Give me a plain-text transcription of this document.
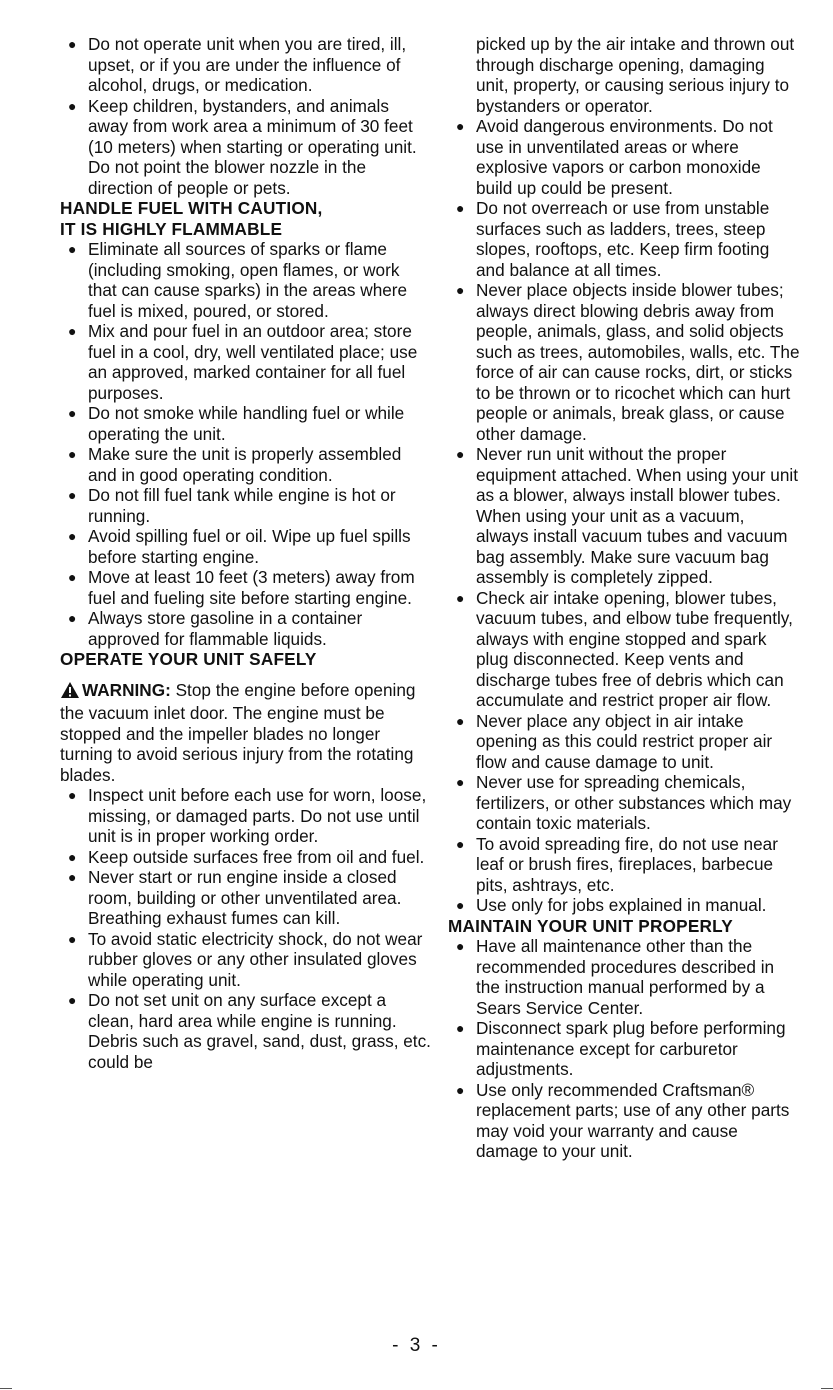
● Do not operate unit when you are tired, ill, upset, or if you are under the influence of alcohol, drugs, or medication.
● Keep children, bystanders, and animals away from work area a minimum of 30 feet (10 meters) when starting or operating unit. Do not point the blower nozzle in the direction of people or pets.
HANDLE FUEL WITH CAUTION,
IT IS HIGHLY FLAMMABLE
● Eliminate all sources of sparks or flame (including smoking, open flames, or work that can cause sparks) in the areas where fuel is mixed, poured, or stored.
● Mix and pour fuel in an outdoor area; store fuel in a cool, dry, well ventilated place; use an approved, marked container for all fuel purposes.
● Do not smoke while handling fuel or while operating the unit.
● Make sure the unit is properly assembled and in good operating condition.
● Do not fill fuel tank while engine is hot or running.
● Avoid spilling fuel or oil. Wipe up fuel spills before starting engine.
● Move at least 10 feet (3 meters) away from fuel and fueling site before starting engine.
● Always store gasoline in a container approved for flammable liquids.
OPERATE YOUR UNIT SAFELY
WARNING: Stop the engine before opening the vacuum inlet door. The engine must be stopped and the impeller blades no longer turning to avoid serious injury from the rotating blades.
● Inspect unit before each use for worn, loose, missing, or damaged parts. Do not use until unit is in proper working order.
● Keep outside surfaces free from oil and fuel.
● Never start or run engine inside a closed room, building or other unventilated area. Breathing exhaust fumes can kill.
● To avoid static electricity shock, do not wear rubber gloves or any other insulated gloves while operating unit.
● Do not set unit on any surface except a clean, hard area while engine is running. Debris such as gravel, sand, dust, grass, etc. could be
picked up by the air intake and thrown out through discharge opening, damaging unit, property, or causing serious injury to bystanders or operator.
● Avoid dangerous environments. Do not use in unventilated areas or where explosive vapors or carbon monoxide build up could be present.
● Do not overreach or use from unstable surfaces such as ladders, trees, steep slopes, rooftops, etc. Keep firm footing and balance at all times.
● Never place objects inside blower tubes; always direct blowing debris away from people, animals, glass, and solid objects such as trees, automobiles, walls, etc. The force of air can cause rocks, dirt, or sticks to be thrown or to ricochet which can hurt people or animals, break glass, or cause other damage.
● Never run unit without the proper equipment attached. When using your unit as a blower, always install blower tubes. When using your unit as a vacuum, always install vacuum tubes and vacuum bag assembly. Make sure vacuum bag assembly is completely zipped.
● Check air intake opening, blower tubes, vacuum tubes, and elbow tube frequently, always with engine stopped and spark plug disconnected. Keep vents and discharge tubes free of debris which can accumulate and restrict proper air flow.
● Never place any object in air intake opening as this could restrict proper air flow and cause damage to unit.
● Never use for spreading chemicals, fertilizers, or other substances which may contain toxic materials.
● To avoid spreading fire, do not use near leaf or brush fires, fireplaces, barbecue pits, ashtrays, etc.
● Use only for jobs explained in manual.
MAINTAIN YOUR UNIT PROPERLY
● Have all maintenance other than the recommended procedures described in the instruction manual performed by a Sears Service Center.
● Disconnect spark plug before performing maintenance except for carburetor adjustments.
● Use only recommended Craftsman® replacement parts; use of any other parts may void your warranty and cause damage to your unit.
- 3 -
